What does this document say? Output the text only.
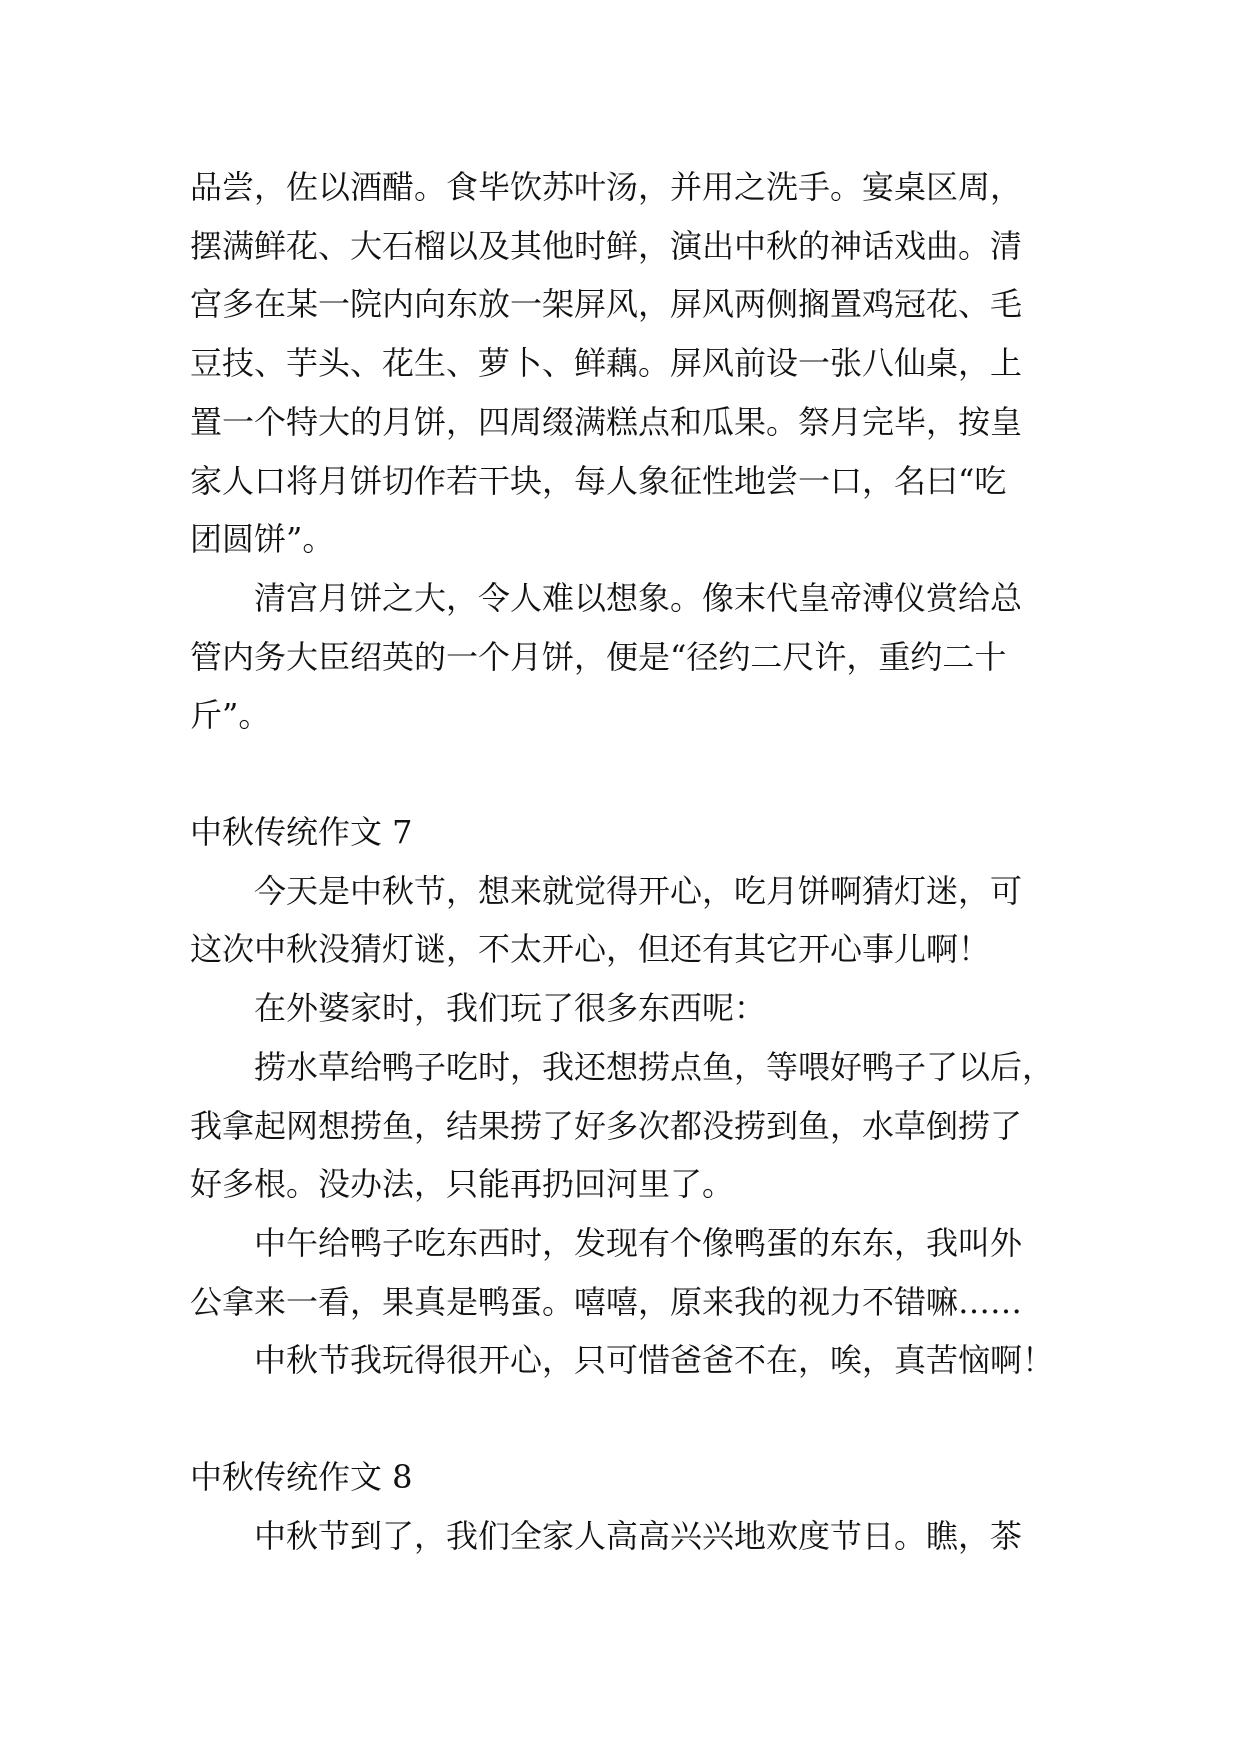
品尝，佐以酒醋。食毕饮苏叶汤，并用之洗手。宴桌区周，
摆满鲜花、大石榴以及其他时鲜，演出中秋的神话戏曲。清
宫多在某一院内向东放一架屏风，屏风两侧搁置鸡冠花、毛
豆技、芋头、花生、萝卜、鲜藕。屏风前设一张八仙桌，上
置一个特大的月饼，四周缀满糕点和瓜果。祭月完毕，按皇
家人口将月饼切作若干块，每人象征性地尝一口，名曰“吃
团圆饼”。

清宫月饼之大，令人难以想象。像末代皇帝溥仪赏给总
管内务大臣绍英的一个月饼，便是“径约二尺许，重约二十
斤”。

中秋传统作文 7

今天是中秋节，想来就觉得开心，吃月饼啊猜灯迷，可
这次中秋没猜灯谜，不太开心，但还有其它开心事儿啊！

在外婆家时，我们玩了很多东西呢：

捞水草给鸭子吃时，我还想捞点鱼，等喂好鸭子了以后，
我拿起网想捞鱼，结果捞了好多次都没捞到鱼，水草倒捞了
好多根。没办法，只能再扔回河里了。

中午给鸭子吃东西时，发现有个像鸭蛋的东东，我叫外
公拿来一看，果真是鸭蛋。嘻嘻，原来我的视力不错嘛……

中秋节我玩得很开心，只可惜爸爸不在，唉，真苦恼啊！

中秋传统作文 8

中秋节到了，我们全家人高高兴兴地欢度节日。瞧，茶
